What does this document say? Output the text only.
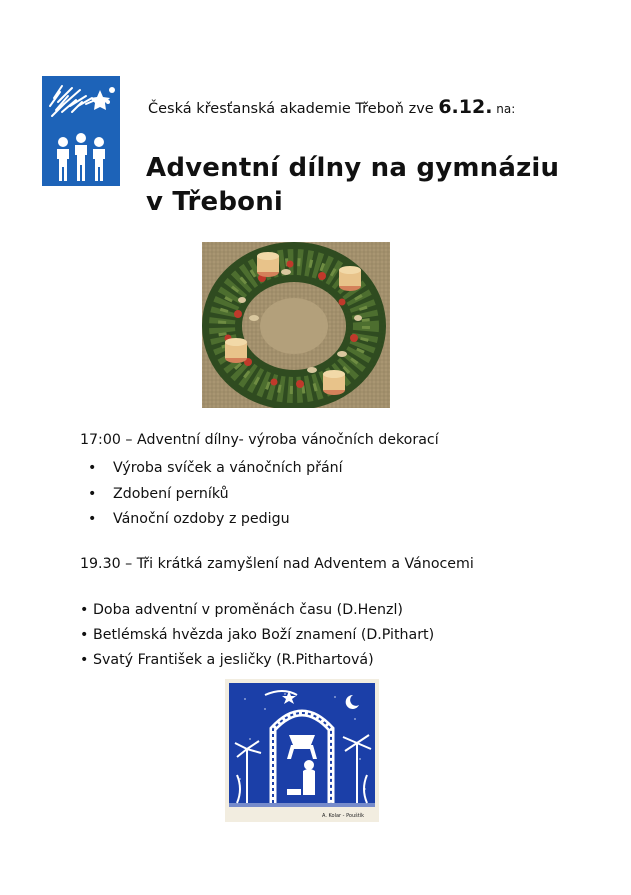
Česká křesťanská akademie Třeboň zve 6.12. na:
Adventní dílny na gymnáziu
v Třeboni
17:00 – Adventní dílny- výroba vánočních dekorací
• Výroba svíček a vánočních přání
• Zdobení perníků
• Vánoční ozdoby z pedigu
19.30 – Tři krátká zamyšlení nad Adventem a Vánocemi
• Doba adventní v proměnách času (D.Henzl)
• Betlémská hvězda jako Boží znamení (D.Pithart)
• Svatý František a jesličky (R.Pithartová)
A. Kolar - Pouštík
